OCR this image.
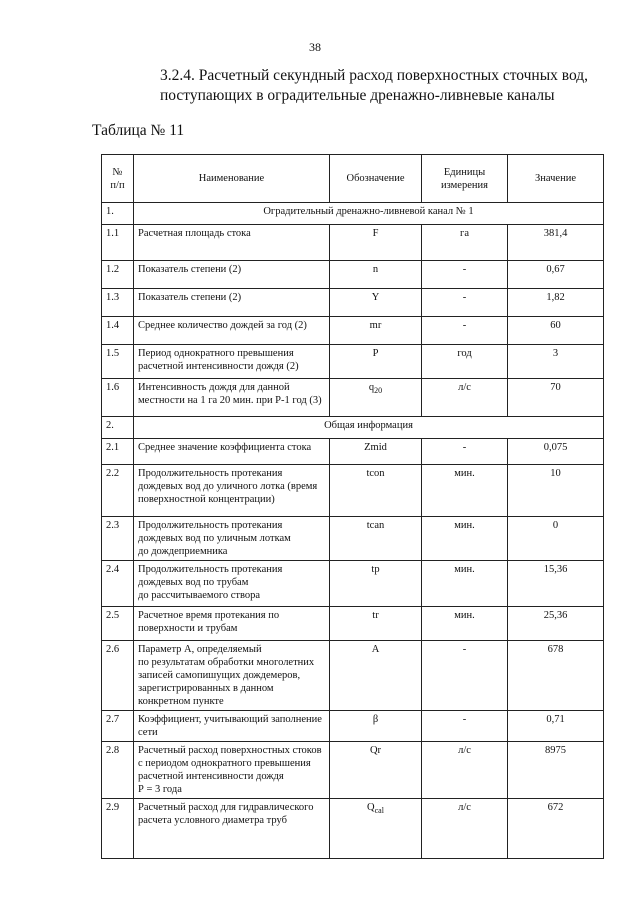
38
3.2.4. Расчетный секундный расход поверхностных сточных вод,
поступающих в оградительные дренажно-ливневые каналы
Таблица № 11
№
п/п	Наименование	Обозначение	Единицы
измерения	Значение
1.	Оградительный дренажно-ливневой канал № 1			
1.1	Расчетная площадь стока	F	га	381,4
1.2	Показатель степени (2)	n	-	0,67
1.3	Показатель степени (2)	Y	-	1,82
1.4	Среднее количество дождей за год (2)	mr	-	60
1.5	Период однократного превышения
расчетной интенсивности дождя (2)	P	год	3
1.6	Интенсивность дождя для данной
местности на 1 га 20 мин. при Р-1 год (3)	$q_{20}$	л/с	70
2.	Общая информация			
2.1	Среднее значение коэффициента стока	Zmid	-	0,075
2.2	Продолжительность протекания
дождевых вод до уличного лотка (время
поверхностной концентрации)	tcon	мин.	10
2.3	Продолжительность протекания
дождевых вод по уличным лоткам
до дождеприемника	tcan	мин.	0
2.4	Продолжительность протекания
дождевых вод по трубам
до рассчитываемого створа	tp	мин.	15,36
2.5	Расчетное время протекания по
поверхности и трубам	tr	мин.	25,36
2.6	Параметр А, определяемый
по результатам обработки многолетних
записей самопишущих дождемеров,
зарегистрированных в данном
конкретном пункте	A	-	678
2.7	Коэффициент, учитывающий заполнение
сети	β	-	0,71
2.8	Расчетный расход поверхностных стоков
с периодом однократного превышения
расчетной интенсивности дождя
Р = 3 года	Qr	л/с	8975
2.9	Расчетный расход для гидравлического
расчета условного диаметра труб	$Q_{cal}$	л/с	672
